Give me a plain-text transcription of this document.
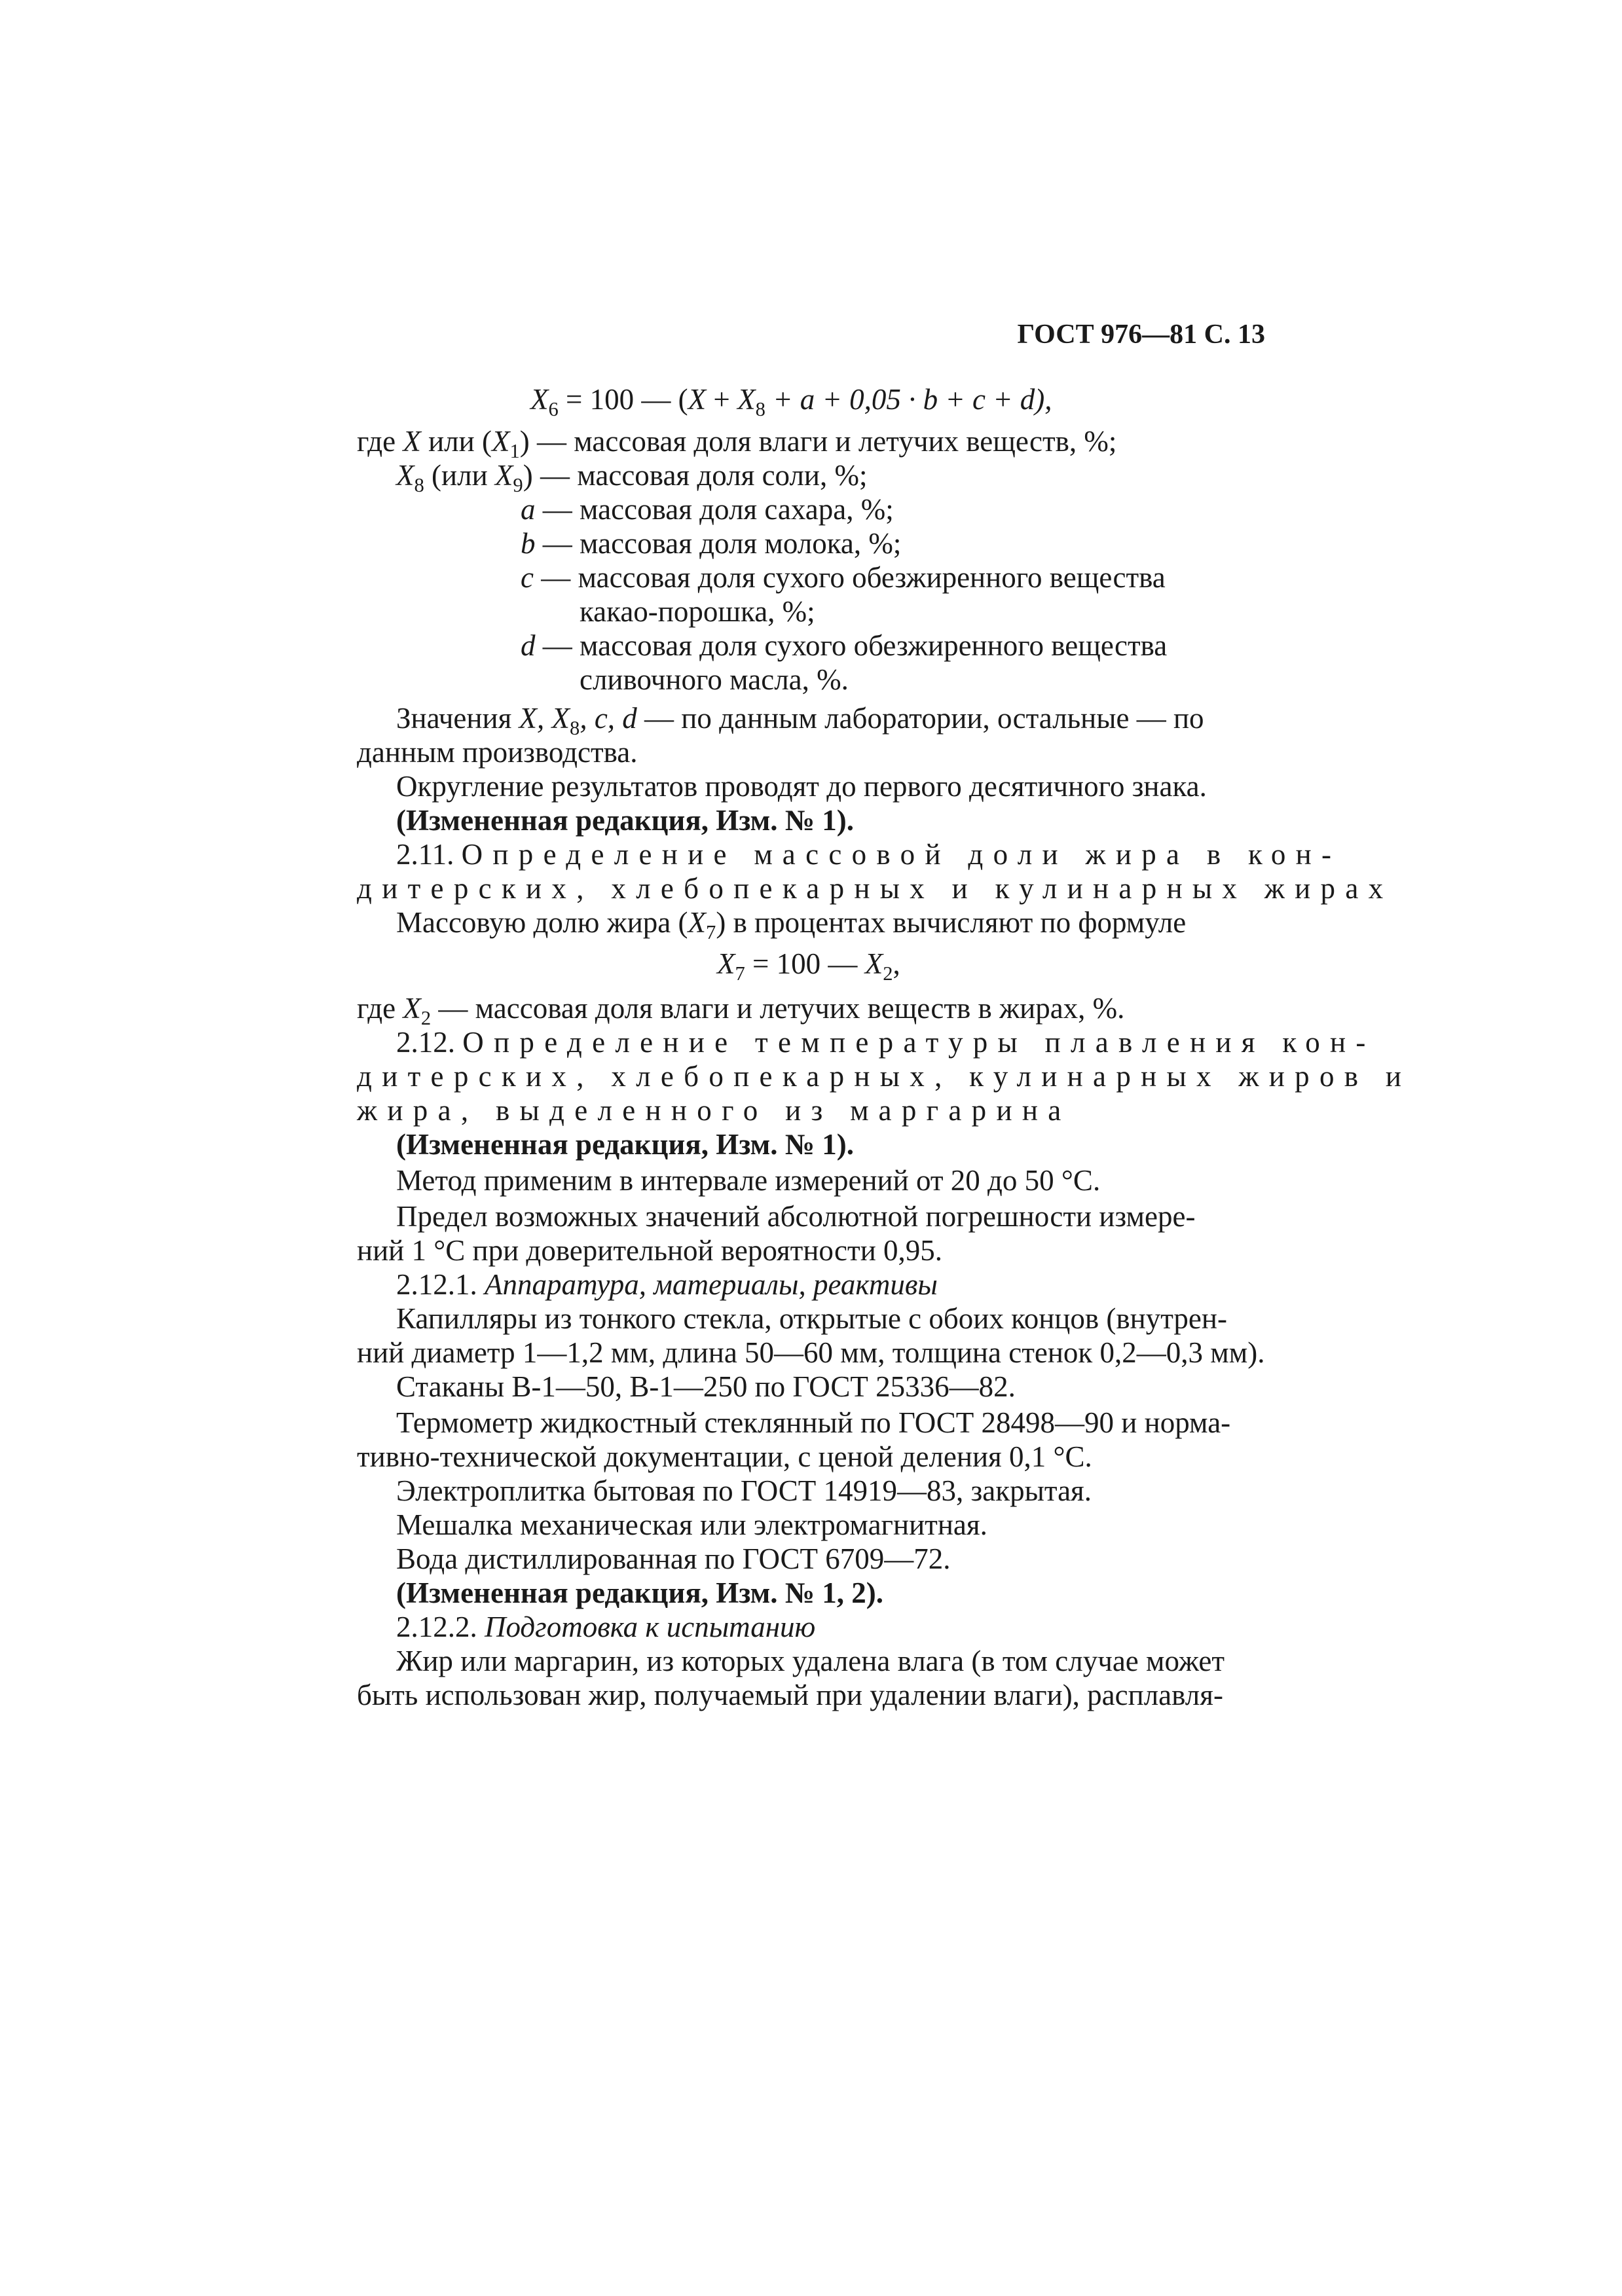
ГОСТ 976—81 С. 13
$X_6 = 100$ — $(X + X_8 + a + 0,05 \cdot b + c + d)$,
где X или $(X_1)$ — массовая доля влаги и летучих веществ, %;
$X_8$ (или $X_9$) — массовая доля соли, %;
a — массовая доля сахара, %;
b — массовая доля молока, %;
c — массовая доля сухого обезжиренного вещества
какао-порошка, %;
d — массовая доля сухого обезжиренного вещества
сливочного масла, %.
Значения X, $X_8$, c, d — по данным лаборатории, остальные — по
данным производства.
Округление результатов проводят до первого десятичного знака.
(Измененная редакция, Изм. № 1).
2.11. Определение массовой доли жира в кон-
дитерских, хлебопекарных и кулинарных жирах
Массовую долю жира $(X_7)$ в процентах вычисляют по формуле
$X_7 = 100$ — $X_2$,
где $X_2$ — массовая доля влаги и летучих веществ в жирах, %.
2.12. Определение температуры плавления кон-
дитерских, хлебопекарных, кулинарных жиров и
жира, выделенного из маргарина
(Измененная редакция, Изм. № 1).
Метод применим в интервале измерений от 20 до 50 °С.
Предел возможных значений абсолютной погрешности измере-
ний 1 °С при доверительной вероятности 0,95.
2.12.1. Аппаратура, материалы, реактивы
Капилляры из тонкого стекла, открытые с обоих концов (внутрен-
ний диаметр 1—1,2 мм, длина 50—60 мм, толщина стенок 0,2—0,3 мм).
Стаканы В-1—50, В-1—250 по ГОСТ 25336—82.
Термометр жидкостный стеклянный по ГОСТ 28498—90 и норма-
тивно-технической документации, с ценой деления 0,1 °С.
Электроплитка бытовая по ГОСТ 14919—83, закрытая.
Мешалка механическая или электромагнитная.
Вода дистиллированная по ГОСТ 6709—72.
(Измененная редакция, Изм. № 1, 2).
2.12.2. Подготовка к испытанию
Жир или маргарин, из которых удалена влага (в том случае может
быть использован жир, получаемый при удалении влаги), расплавля-
